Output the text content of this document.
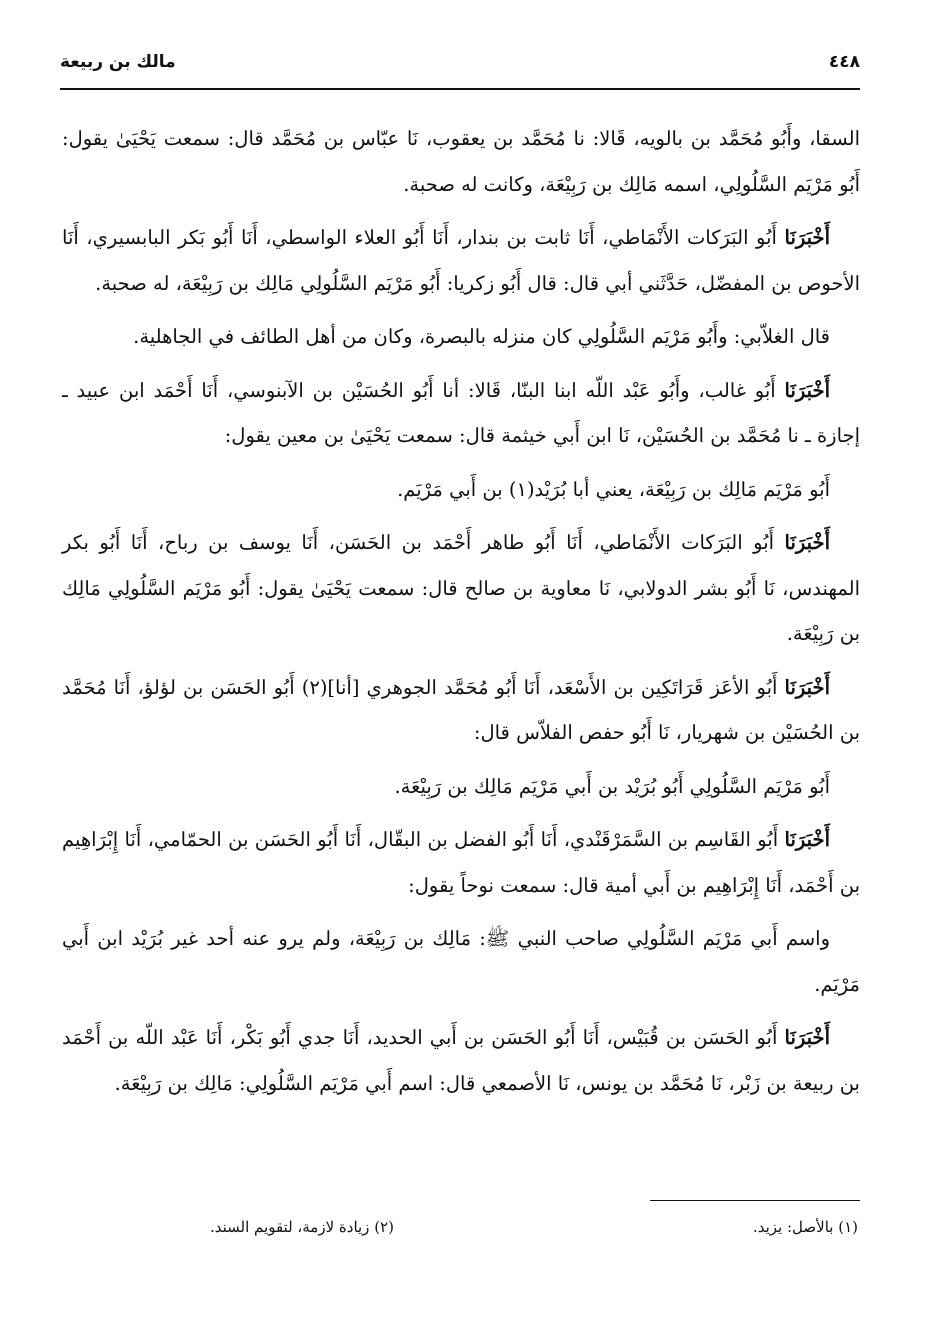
٤٤٨
مالك بن ربيعة

السقا، وأَبُو مُحَمَّد بن بالويه، قَالا: نا مُحَمَّد بن يعقوب، نَا عبّاس بن مُحَمَّد قال: سمعت يَحْيَىٰ يقول: أَبُو مَرْيَم السَّلُولِي، اسمه مَالِك بن رَبِيْعَة، وكانت له صحبة.

أَخْبَرَنَا أَبُو البَرَكات الأَنْمَاطي، أَنَا ثابت بن بندار، أَنَا أَبُو العلاء الواسطي، أَنَا أَبُو بَكر البابسيري، أَنَا الأحوص بن المفضّل، حَدَّثَني أبي قال: قال أَبُو زكريا: أَبُو مَرْيَم السَّلُولِي مَالِك بن رَبِيْعَة، له صحبة.

قال الغلاّبي: وأَبُو مَرْيَم السَّلُولِي كان منزله بالبصرة، وكان من أهل الطائف في الجاهلية.

أَخْبَرَنَا أَبُو غالب، وأَبُو عَبْد اللّه ابنا البنّا، قَالا: أنا أَبُو الحُسَيْن بن الآبنوسي، أَنَا أَحْمَد ابن عبيد ـ إجازة ـ نا مُحَمَّد بن الحُسَيْن، نَا ابن أَبي خيثمة قال: سمعت يَحْيَىٰ بن معين يقول:

أَبُو مَرْيَم مَالِك بن رَبِيْعَة، يعني أبا بُرَيْد(١) بن أَبي مَرْيَم.

أَخْبَرَنَا أَبُو البَرَكات الأَنْمَاطي، أَنَا أَبُو طاهر أَحْمَد بن الحَسَن، أَنَا يوسف بن رباح، أَنَا أَبُو بكر المهندس، نَا أَبُو بشر الدولابي، نَا معاوية بن صالح قال: سمعت يَحْيَىٰ يقول: أَبُو مَرْيَم السَّلُولِي مَالِك بن رَبِيْعَة.

أَخْبَرَنَا أَبُو الأعَز قَرَاتَكِين بن الأَسْعَد، أَنَا أَبُو مُحَمَّد الجوهري [أنا](٢) أَبُو الحَسَن بن لؤلؤ، أَنَا مُحَمَّد بن الحُسَيْن بن شهريار، نَا أَبُو حفص الفلاّس قال:

أَبُو مَرْيَم السَّلُولِي أَبُو بُرَيْد بن أَبي مَرْيَم مَالِك بن رَبِيْعَة.

أَخْبَرَنَا أَبُو القَاسِم بن السَّمَرْقَنْدي، أَنَا أَبُو الفضل بن البقّال، أَنَا أَبُو الحَسَن بن الحمّامي، أَنَا إِبْرَاهِيم بن أَحْمَد، أَنَا إِبْرَاهِيم بن أَبي أمية قال: سمعت نوحاً يقول:

واسم أَبي مَرْيَم السَّلُولِي صاحب النبي ﷺ: مَالِك بن رَبِيْعَة، ولم يرو عنه أحد غير بُرَيْد ابن أَبي مَرْيَم.

أَخْبَرَنَا أَبُو الحَسَن بن قُبَيْس، أَنَا أَبُو الحَسَن بن أَبي الحديد، أَنَا جدي أَبُو بَكْر، أَنَا عَبْد اللّه بن أَحْمَد بن ربيعة بن زَبْر، نَا مُحَمَّد بن يونس، نَا الأصمعي قال: اسم أَبي مَرْيَم السَّلُولِي: مَالِك بن رَبِيْعَة.

(١) بالأصل: يزيد.
(٢) زيادة لازمة، لتقويم السند.
